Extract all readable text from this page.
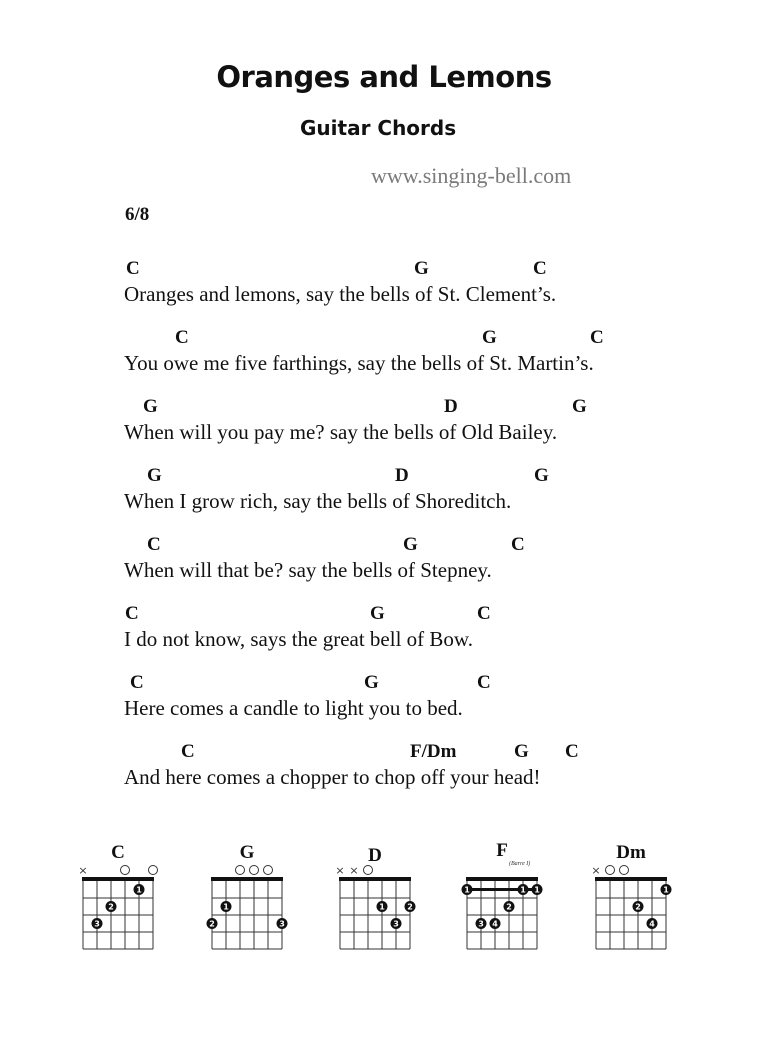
Oranges and Lemons
Guitar Chords
www.singing-bell.com
6/8
C	G	C
Oranges and lemons, say the bells of St. Clement’s.
C	G	C
You owe me five farthings, say the bells of St. Martin’s.
G	D	G
When will you pay me? say the bells of Old Bailey.
G	D	G
When I grow rich, say the bells of Shoreditch.
C	G	C
When will that be? say the bells of Stepney.
C	G	C
I do not know, says the great bell of Bow.
C	G	C
Here comes a candle to light you to bed.
C	F/Dm	G C
And here comes a chopper to chop off your head!
×
1
2
3
C
1
2	3
G
× ×
1	2
3
D
1	1 1
2
3 4
F
(Barre I)	×
1
2
4
Dm
